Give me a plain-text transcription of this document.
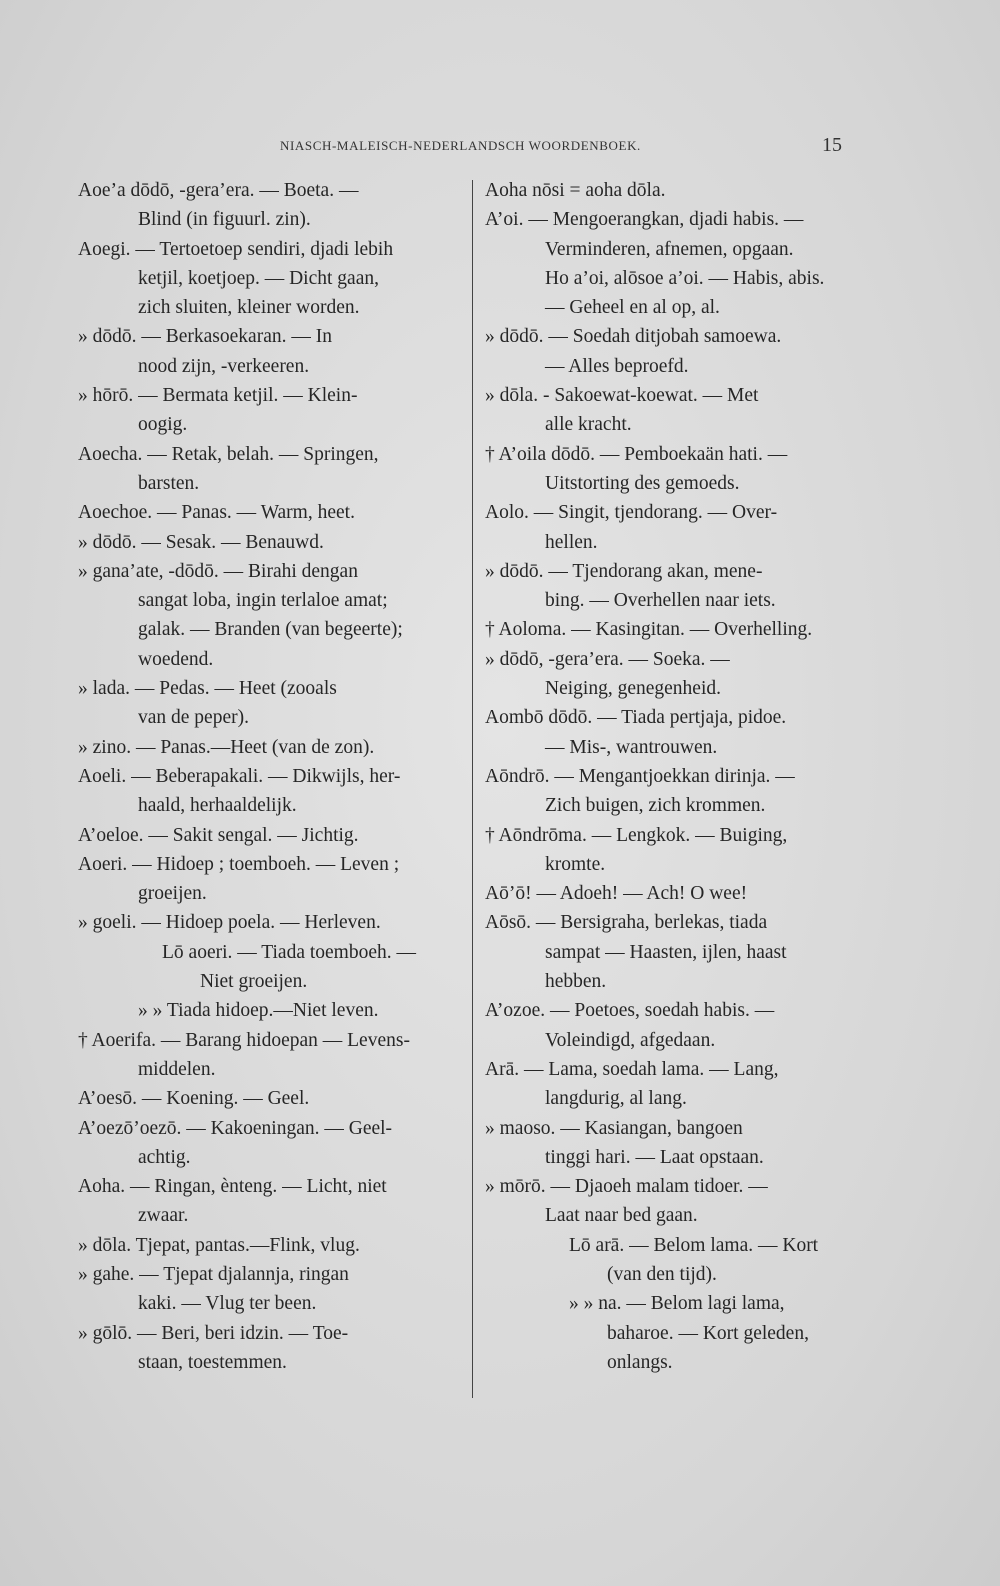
NIASCH-MALEISCH-NEDERLANDSCH WOORDENBOEK.	15
Aoe’a dōdō, -gera’era. — Boeta. —
Blind (in figuurl. zin).
Aoegi. — Tertoetoep sendiri, djadi lebih
ketjil, koetjoep. — Dicht gaan,
zich sluiten, kleiner worden.
» dōdō. — Berkasoekaran. — In
nood zijn, -verkeeren.
» hōrō. — Bermata ketjil. — Klein-
oogig.
Aoecha. — Retak, belah. — Springen,
barsten.
Aoechoe. — Panas. — Warm, heet.
» dōdō. — Sesak. — Benauwd.
» gana’ate, -dōdō. — Birahi dengan
sangat loba, ingin terlaloe amat;
galak. — Branden (van begeerte);
woedend.
» lada. — Pedas. — Heet (zooals
van de peper).
» zino. — Panas.—Heet (van de zon).
Aoeli. — Beberapakali. — Dikwijls, her-
haald, herhaaldelijk.
A’oeloe. — Sakit sengal. — Jichtig.
Aoeri. — Hidoep ; toemboeh. — Leven ;
groeijen.
» goeli. — Hidoep poela. — Herleven.
Lō aoeri. — Tiada toemboeh. —
Niet groeijen.
» » Tiada hidoep.—Niet leven.
† Aoerifa. — Barang hidoepan — Levens-
middelen.
A’oesō. — Koening. — Geel.
A’oezō’oezō. — Kakoeningan. — Geel-
achtig.
Aoha. — Ringan, ènteng. — Licht, niet
zwaar.
» dōla. Tjepat, pantas.—Flink, vlug.
» gahe. — Tjepat djalannja, ringan
kaki. — Vlug ter been.
» gōlō. — Beri, beri idzin. — Toe-
staan, toestemmen.
Aoha nōsi = aoha dōla.
A’oi. — Mengoerangkan, djadi habis. —
Verminderen, afnemen, opgaan.
Ho a’oi, alōsoe a’oi. — Habis, abis.
— Geheel en al op, al.
» dōdō. — Soedah ditjobah samoewa.
— Alles beproefd.
» dōla. - Sakoewat-koewat. — Met
alle kracht.
† A’oila dōdō. — Pemboekaän hati. —
Uitstorting des gemoeds.
Aolo. — Singit, tjendorang. — Over-
hellen.
» dōdō. — Tjendorang akan, mene-
bing. — Overhellen naar iets.
† Aoloma. — Kasingitan. — Overhelling.
» dōdō, -gera’era. — Soeka. —
Neiging, genegenheid.
Aombō dōdō. — Tiada pertjaja, pidoe.
— Mis-, wantrouwen.
Aōndrō. — Mengantjoekkan dirinja. —
Zich buigen, zich krommen.
† Aōndrōma. — Lengkok. — Buiging,
kromte.
Aō’ō! — Adoeh! — Ach! O wee!
Aōsō. — Bersigraha, berlekas, tiada
sampat — Haasten, ijlen, haast
hebben.
A’ozoe. — Poetoes, soedah habis. —
Voleindigd, afgedaan.
Arā. — Lama, soedah lama. — Lang,
langdurig, al lang.
» maoso. — Kasiangan, bangoen
tinggi hari. — Laat opstaan.
» mōrō. — Djaoeh malam tidoer. —
Laat naar bed gaan.
Lō arā. — Belom lama. — Kort
(van den tijd).
» » na. — Belom lagi lama,
baharoe. — Kort geleden,
onlangs.
